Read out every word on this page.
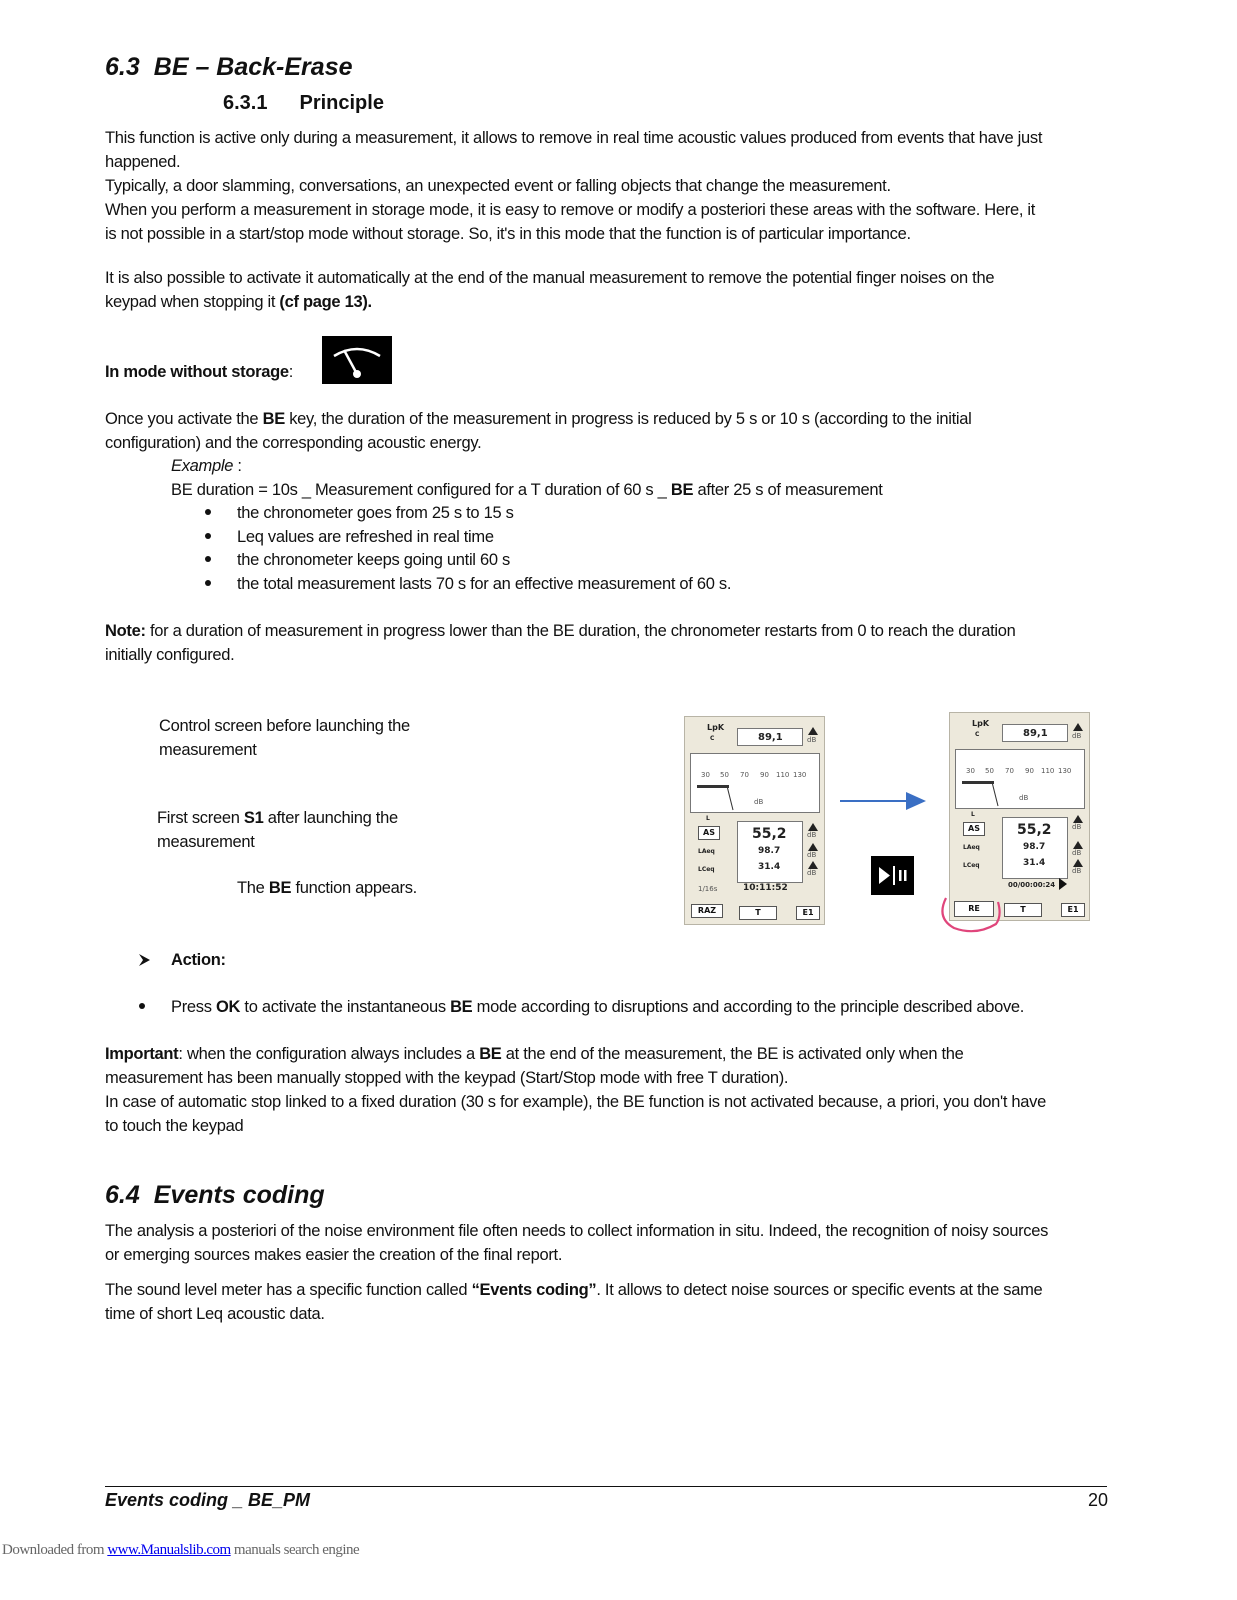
6.3 BE – Back-Erase
6.3.1 Principle
This function is active only during a measurement, it allows to remove in real time acoustic values produced from events that have just
happened.
Typically, a door slamming, conversations, an unexpected event or falling objects that change the measurement.
When you perform a measurement in storage mode, it is easy to remove or modify a posteriori these areas with the software. Here, it
is not possible in a start/stop mode without storage. So, it's in this mode that the function is of particular importance.
It is also possible to activate it automatically at the end of the manual measurement to remove the potential finger noises on the
keypad when stopping it (cf page 13).
In mode without storage:
Once you activate the BE key, the duration of the measurement in progress is reduced by 5 s or 10 s (according to the initial
configuration) and the corresponding acoustic energy.
Example :
BE duration = 10s _ Measurement configured for a T duration of 60 s _ BE after 25 s of measurement
the chronometer goes from 25 s to 15 s
Leq values are refreshed in real time
the chronometer keeps going until 60 s
the total measurement lasts 70 s for an effective measurement of 60 s.
Note: for a duration of measurement in progress lower than the BE duration, the chronometer restarts from 0 to reach the duration
initially configured.
Control screen before launching the
measurement
First screen S1 after launching the
measurement
The BE function appears.
LpK
C	89,1	dB
30 50 70 90 110 130
dB
L
AS	55,2
98.7
31.4
LAeq
LCeq
dB
dB
dB
1/16s	10:11:52
RAZ	T	E1
LpK
C	89,1	dB
30 50 70 90 110 130
dB
L
AS	55,2
98.7
31.4
LAeq
LCeq
dB
dB
dB
00/00:00:24
RE	T	E1
Action:
Press OK to activate the instantaneous BE mode according to disruptions and according to the principle described above.
Important: when the configuration always includes a BE at the end of the measurement, the BE is activated only when the
measurement has been manually stopped with the keypad (Start/Stop mode with free T duration).
In case of automatic stop linked to a fixed duration (30 s for example), the BE function is not activated because, a priori, you don't have
to touch the keypad
6.4 Events coding
The analysis a posteriori of the noise environment file often needs to collect information in situ. Indeed, the recognition of noisy sources
or emerging sources makes easier the creation of the final report.
The sound level meter has a specific function called “Events coding”. It allows to detect noise sources or specific events at the same
time of short Leq acoustic data.
Events coding _ BE_PM	20
Downloaded from www.Manualslib.com manuals search engine
